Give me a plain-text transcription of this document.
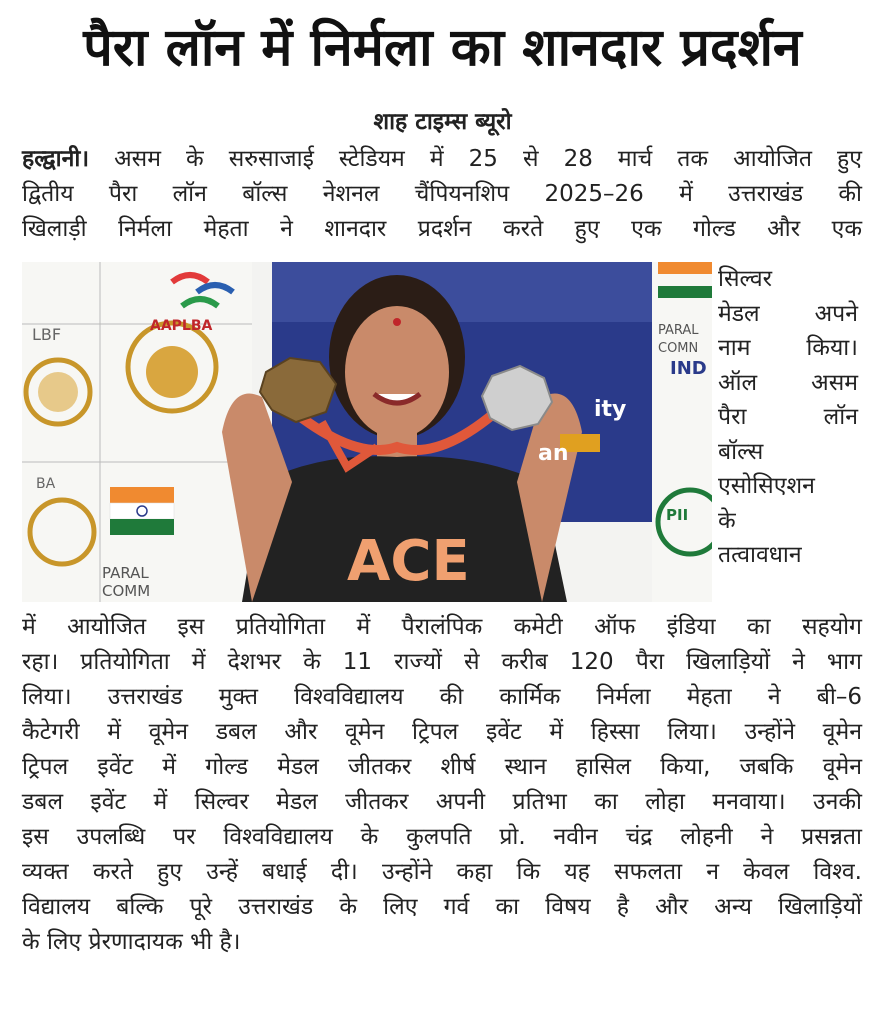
पैरा लॉन में निर्मला का शानदार प्रदर्शन
शाह टाइम्स ब्यूरो
हल्द्वानी। असम के सरुसाजाई स्टेडियम में 25 से 28 मार्च तक आयोजित हुए
द्वितीय पैरा लॉन बॉल्स नेशनल चैंपियनशिप 2025–26 में उत्तराखंड की
खिलाड़ी निर्मला मेहता ने शानदार प्रदर्शन करते हुए एक गोल्ड और एक
AAPLBA
LBF
BA
PARAL
COMM
PARAL
COMN
IND
PII
ity
an
ACE
सिल्वर
मेडल अपने
नाम किया।
ऑल असम
पैरा लॉन
बॉल्स
एसोसिएशन
के
तत्वावधान
में आयोजित इस प्रतियोगिता में पैरालंपिक कमेटी ऑफ इंडिया का सहयोग
रहा। प्रतियोगिता में देशभर के 11 राज्यों से करीब 120 पैरा खिलाड़ियों ने भाग
लिया। उत्तराखंड मुक्त विश्वविद्यालय की कार्मिक निर्मला मेहता ने बी–6
कैटेगरी में वूमेन डबल और वूमेन ट्रिपल इवेंट में हिस्सा लिया। उन्होंने वूमेन
ट्रिपल इवेंट में गोल्ड मेडल जीतकर शीर्ष स्थान हासिल किया, जबकि वूमेन
डबल इवेंट में सिल्वर मेडल जीतकर अपनी प्रतिभा का लोहा मनवाया। उनकी
इस उपलब्धि पर विश्वविद्यालय के कुलपति प्रो. नवीन चंद्र लोहनी ने प्रसन्नता
व्यक्त करते हुए उन्हें बधाई दी। उन्होंने कहा कि यह सफलता न केवल विश्व.
विद्यालय बल्कि पूरे उत्तराखंड के लिए गर्व का विषय है और अन्य खिलाड़ियों
के लिए प्रेरणादायक भी है।
